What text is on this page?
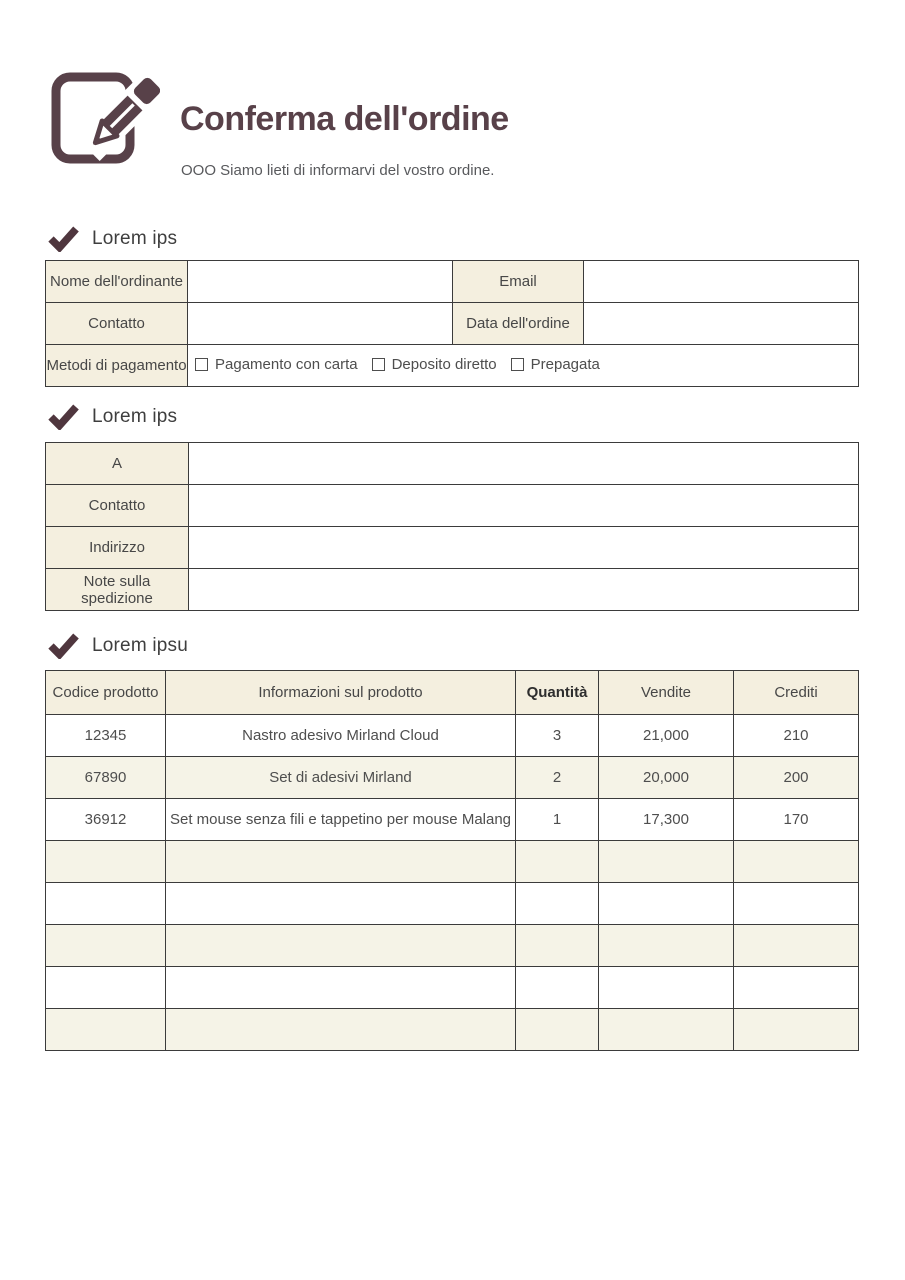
Conferma dell'ordine
OOO Siamo lieti di informarvi del vostro ordine.
Lorem ips
Nome dell'ordinante		Email	
Contatto		Data dell'ordine	
Metodi di pagamento	Pagamento con carta Deposito diretto Prepagata		
Lorem ips
A	
Contatto	
Indirizzo	
Note sulla spedizione	
Lorem ipsu
Codice prodotto	Informazioni sul prodotto	Quantità	Vendite	Crediti
12345	Nastro adesivo Mirland Cloud	3	21,000	210
67890	Set di adesivi Mirland	2	20,000	200
36912	Set mouse senza fili e tappetino per mouse Malang	1	17,300	170
